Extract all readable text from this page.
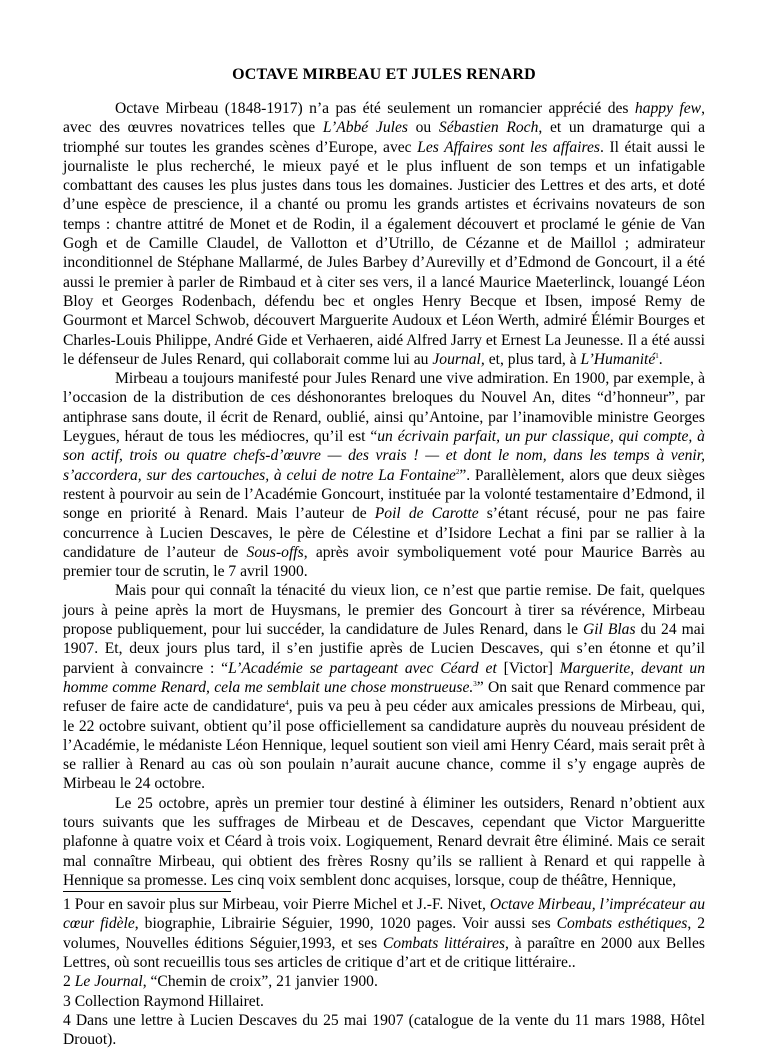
OCTAVE MIRBEAU ET JULES RENARD

Octave Mirbeau (1848-1917) n’a pas été seulement un romancier apprécié des happy few, avec des œuvres novatrices telles que L’Abbé Jules ou Sébastien Roch, et un dramaturge qui a triomphé sur toutes les grandes scènes d’Europe, avec Les Affaires sont les affaires. Il était aussi le journaliste le plus recherché, le mieux payé et le plus influent de son temps et un infatigable combattant des causes les plus justes dans tous les domaines. Justicier des Lettres et des arts, et doté d’une espèce de prescience, il a chanté ou promu les grands artistes et écrivains novateurs de son temps : chantre attitré de Monet et de Rodin, il a également découvert et proclamé le génie de Van Gogh et de Camille Claudel, de Vallotton et d’Utrillo, de Cézanne et de Maillol ; admirateur inconditionnel de Stéphane Mallarmé, de Jules Barbey d’Aurevilly et d’Edmond de Goncourt, il a été aussi le premier à parler de Rimbaud et à citer ses vers, il a lancé Maurice Maeterlinck, louangé Léon Bloy et Georges Rodenbach, défendu bec et ongles Henry Becque et Ibsen, imposé Remy de Gourmont et Marcel Schwob, découvert Marguerite Audoux et Léon Werth, admiré Élémir Bourges et Charles-Louis Philippe, André Gide et Verhaeren, aidé Alfred Jarry et Ernest La Jeunesse. Il a été aussi le défenseur de Jules Renard, qui collaborait comme lui au Journal, et, plus tard, à L’Humanité$^1$.

Mirbeau a toujours manifesté pour Jules Renard une vive admiration. En 1900, par exemple, à l’occasion de la distribution de ces déshonorantes breloques du Nouvel An, dites “d’honneur”, par antiphrase sans doute, il écrit de Renard, oublié, ainsi qu’Antoine, par l’inamovible ministre Georges Leygues, héraut de tous les médiocres, qu’il est “un écrivain parfait, un pur classique, qui compte, à son actif, trois ou quatre chefs-d’œuvre — des vrais ! — et dont le nom, dans les temps à venir, s’accordera, sur des cartouches, à celui de notre La Fontaine$^2$”. Parallèlement, alors que deux sièges restent à pourvoir au sein de l’Académie Goncourt, instituée par la volonté testamentaire d’Edmond, il songe en priorité à Renard. Mais l’auteur de Poil de Carotte s’étant récusé, pour ne pas faire concurrence à Lucien Descaves, le père de Célestine et d’Isidore Lechat a fini par se rallier à la candidature de l’auteur de Sous-offs, après avoir symboliquement voté pour Maurice Barrès au premier tour de scrutin, le 7 avril 1900.

Mais pour qui connaît la ténacité du vieux lion, ce n’est que partie remise. De fait, quelques jours à peine après la mort de Huysmans, le premier des Goncourt à tirer sa révérence, Mirbeau propose publiquement, pour lui succéder, la candidature de Jules Renard, dans le Gil Blas du 24 mai 1907. Et, deux jours plus tard, il s’en justifie après de Lucien Descaves, qui s’en étonne et qu’il parvient à convaincre : “L’Académie se partageant avec Céard et [Victor] Marguerite, devant un homme comme Renard, cela me semblait une chose monstrueuse.$^3$” On sait que Renard commence par refuser de faire acte de candidature$^4$, puis va peu à peu céder aux amicales pressions de Mirbeau, qui, le 22 octobre suivant, obtient qu’il pose officiellement sa candidature auprès du nouveau président de l’Académie, le médaniste Léon Hennique, lequel soutient son vieil ami Henry Céard, mais serait prêt à se rallier à Renard au cas où son poulain n’aurait aucune chance, comme il s’y engage auprès de Mirbeau le 24 octobre.

Le 25 octobre, après un premier tour destiné à éliminer les outsiders, Renard n’obtient aux tours suivants que les suffrages de Mirbeau et de Descaves, cependant que Victor Margueritte plafonne à quatre voix et Céard à trois voix. Logiquement, Renard devrait être éliminé. Mais ce serait mal connaître Mirbeau, qui obtient des frères Rosny qu’ils se rallient à Renard et qui rappelle à Hennique sa promesse. Les cinq voix semblent donc acquises, lorsque, coup de théâtre, Hennique,

1 Pour en savoir plus sur Mirbeau, voir Pierre Michel et J.-F. Nivet, Octave Mirbeau, l’imprécateur au cœur fidèle, biographie, Librairie Séguier, 1990, 1020 pages. Voir aussi ses Combats esthétiques, 2 volumes, Nouvelles éditions Séguier,1993, et ses Combats littéraires, à paraître en 2000 aux Belles Lettres, où sont recueillis tous ses articles de critique d’art et de critique littéraire..

2 Le Journal, “Chemin de croix”, 21 janvier 1900.

3 Collection Raymond Hillairet.

4 Dans une lettre à Lucien Descaves du 25 mai 1907 (catalogue de la vente du 11 mars 1988, Hôtel Drouot).
